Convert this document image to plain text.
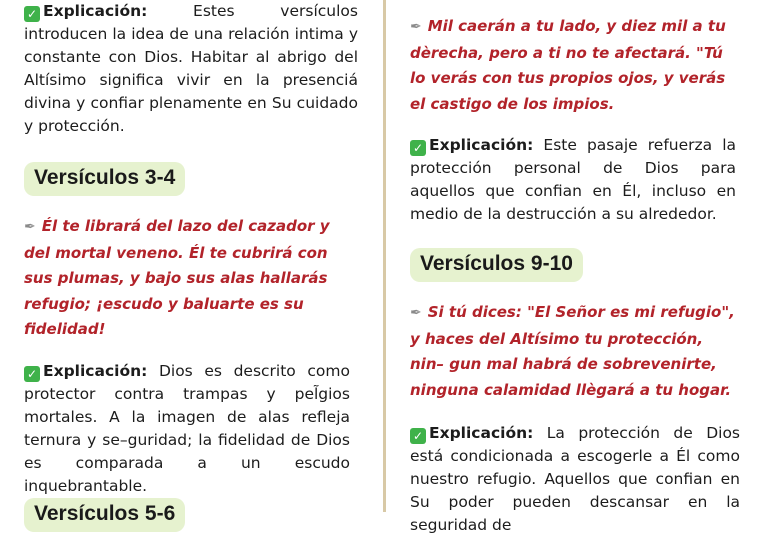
✓ Explicación:	Estes versículos introducen la idea de una relación intima y constante con Dios. Habitar al abrigo del Altísimo significa vivir en la presenciá divina y confiar plenamente en Su cuidado y protección.
Versículos 3-4
✒ Él te librará del lazo del cazador y del mortal veneno. Él te cubrirá con sus plumas, y bajo sus alas hallarás refugio; ¡escudo y baluarte es su fidelidad!
✓ Explicación: Dios es descrito como protector contra trampas y pel̃gios mortales. A la imagen de alas refleja ternura y se–guridad; la fidelidad de Dios es comparada a un escudo inquebrantable.
Versículos 5-6
✒ Mil caerán a tu lado, y diez mil a tu dèrecha, pero a ti no te afectará. "Tú lo verás con tus propios ojos, y verás el castigo de los impios.
✓ Explicación: Este pasaje refuerza la protección personal de Dios para aquellos que confian en Él, incluso en medio de la destrucción a su alrededor.
Versículos 9-10
✒ Si tú dices: "El Señor es mi refugio", y haces del Altísimo tu protección, nin– gun mal habrá de sobrevenirte, ninguna calamidad llègará a tu hogar.
✓ Explicación: La protección de Dios está condicionada a escogerle a Él como nuestro refugio. Aquellos que confian en Su poder pueden descansar en la seguridad de
